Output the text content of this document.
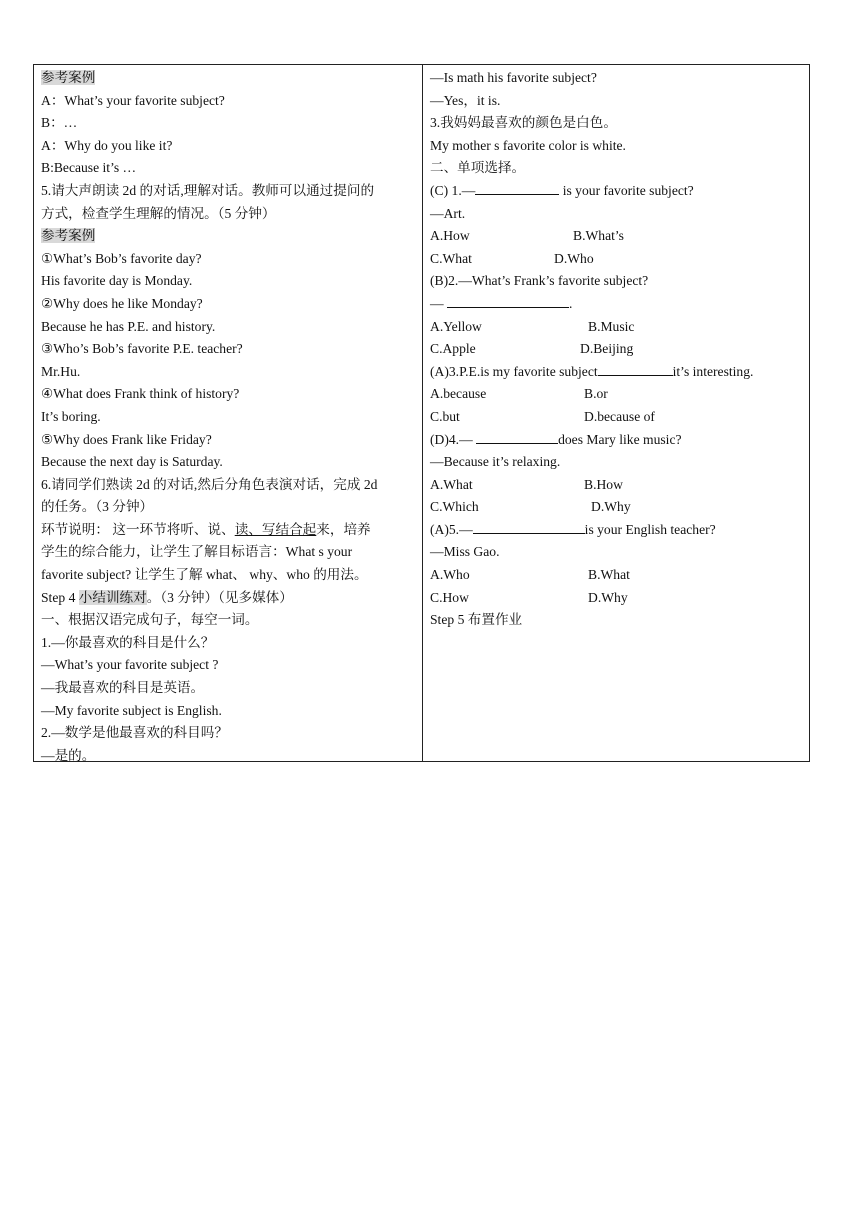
参考案例
A：What’s your favorite subject?
B：…
A：Why do you like it?
B:Because it’s …
5.请大声朗读 2d 的对话,理解对话。教师可以通过提问的
方式，检查学生理解的情况。（5 分钟）
参考案例
①What’s Bob’s favorite day?
His favorite day is Monday.
②Why does he like Monday?
Because he has P.E. and history.
③Who’s Bob’s favorite P.E. teacher?
Mr.Hu.
④What does Frank think of history?
It’s boring.
⑤Why does Frank like Friday?
Because the next day is Saturday.
6.请同学们熟读 2d 的对话,然后分角色表演对话，完成 2d
的任务。（3 分钟）
环节说明： 这一环节将听、说、读、写结合起来，培养
学生的综合能力，让学生了解目标语言：What s your
favorite subject? 让学生了解 what、 why、who 的用法。
Step 4 小结训练对。（3 分钟）（见多媒体）
一、根据汉语完成句子，每空一词。
1.—你最喜欢的科目是什么？
—What’s your favorite subject ?
—我最喜欢的科目是英语。
—My favorite subject is English.
2.—数学是他最喜欢的科目吗？
—是的。
—Is math his favorite subject?
—Yes，it is.
3.我妈妈最喜欢的颜色是白色。
My mother s favorite color is white.
二、单项选择。
(C) 1.—	is your favorite subject?
—Art.
A.How	B.What’s
C.What	D.Who
(B)2.—What’s Frank’s favorite subject?
—	.
A.Yellow	B.Music
C.Apple	D.Beijing
(A)3.P.E.is my favorite subject	it’s interesting.
A.because	B.or
C.but	D.because of
(D)4.—	does Mary like music?
—Because it’s relaxing.
A.What	B.How
C.Which	D.Why
(A)5.—	is your English teacher?
—Miss Gao.
A.Who	B.What
C.How	D.Why
Step 5 布置作业
